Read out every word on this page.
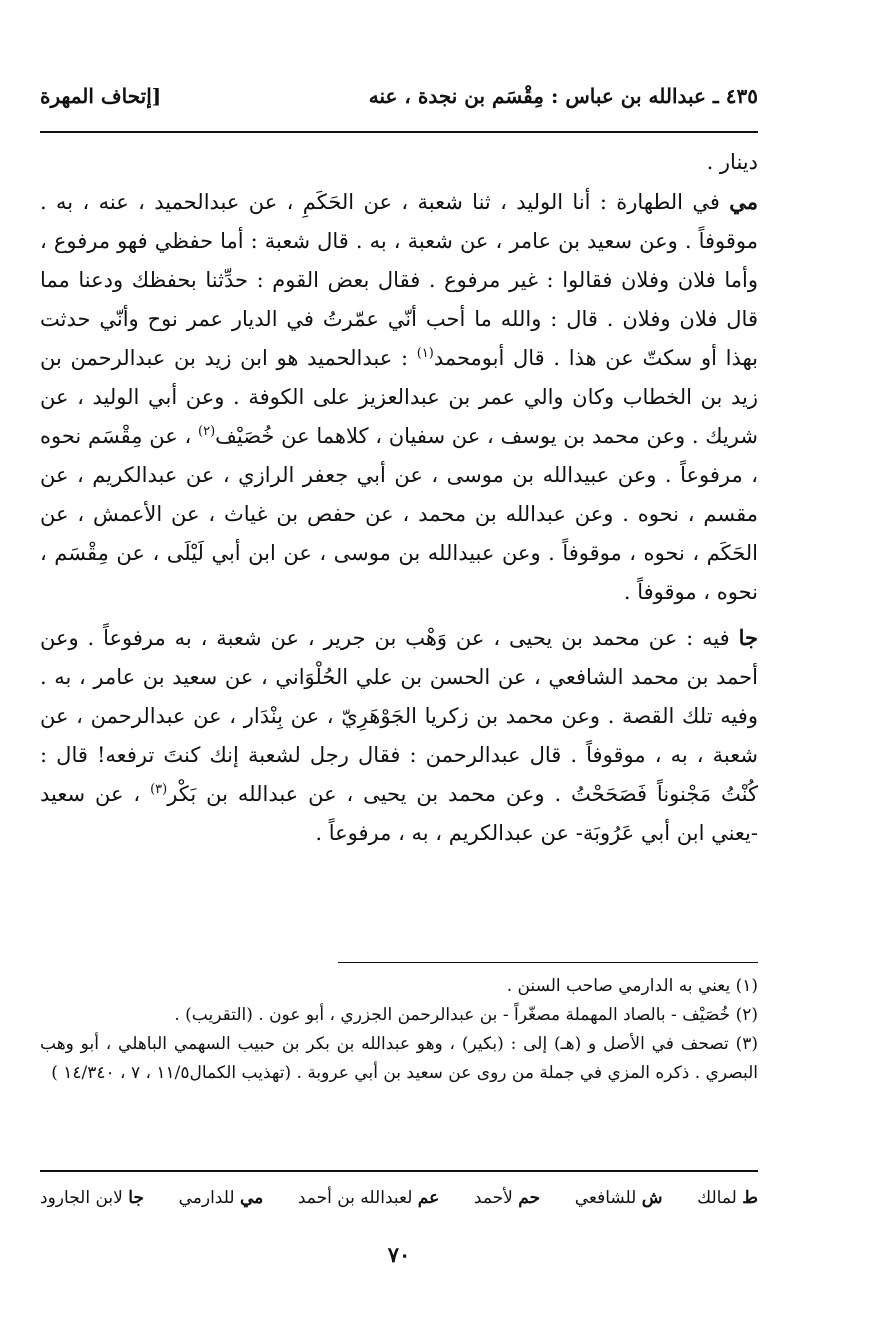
٤٣٥ ـ عبدالله بن عباس : مِقْسَم بن نجدة ، عنه
[إتحاف المهرة

دينار .

مي في الطهارة : أنا الوليد ، ثنا شعبة ، عن الحَكَمِ ، عن عبدالحميد ، عنه ، به . موقوفاً . وعن سعيد بن عامر ، عن شعبة ، به . قال شعبة : أما حفظي فهو مرفوع ، وأما فلان وفلان فقالوا : غير مرفوع . فقال بعض القوم : حدِّثنا بحفظك ودعنا مما قال فلان وفلان . قال : والله ما أحب أنّي عمّرتُ في الديار عمر نوح وأنّي حدثت بهذا أو سكتّ عن هذا . قال أبومحمد$^{(١)}$ : عبدالحميد هو ابن زيد بن عبدالرحمن بن زيد بن الخطاب وكان والي عمر بن عبدالعزيز على الكوفة . وعن أبي الوليد ، عن شريك . وعن محمد بن يوسف ، عن سفيان ، كلاهما عن خُصَيْف$^{(٢)}$ ، عن مِقْسَم نحوه ، مرفوعاً . وعن عبيدالله بن موسى ، عن أبي جعفر الرازي ، عن عبدالكريم ، عن مقسم ، نحوه . وعن عبدالله بن محمد ، عن حفص بن غياث ، عن الأعمش ، عن الحَكَم ، نحوه ، موقوفاً . وعن عبيدالله بن موسى ، عن ابن أبي لَيْلَى ، عن مِقْسَم ، نحوه ، موقوفاً .

جا فيه : عن محمد بن يحيى ، عن وَهْب بن جرير ، عن شعبة ، به مرفوعاً . وعن أحمد بن محمد الشافعي ، عن الحسن بن علي الحُلْوَاني ، عن سعيد بن عامر ، به . وفيه تلك القصة . وعن محمد بن زكريا الجَوْهَرِيّ ، عن بِنْدَار ، عن عبدالرحمن ، عن شعبة ، به ، موقوفاً . قال عبدالرحمن : فقال رجل لشعبة إنك كنتَ ترفعه! قال : كُنْتُ مَجْنوناً فَصَحَحْتُ . وعن محمد بن يحيى ، عن عبدالله بن بَكْر$^{(٣)}$ ، عن سعيد -يعني ابن أبي عَرُوبَة- عن عبدالكريم ، به ، مرفوعاً .

(١) يعني به الدارمي صاحب السنن .

(٢) خُصَيْف - بالصاد المهملة مصغّراً - بن عبدالرحمن الجزري ، أبو عون . (التقريب) .

(٣) تصحف في الأصل و (هـ) إلى : (بكير) ، وهو عبدالله بن بكر بن حبيب السهمي الباهلي ، أبو وهب البصري . ذكره المزي في جملة من روى عن سعيد بن أبي عروبة . (تهذيب الكمال١١/٥ ، ٧ ، ١٤/٣٤٠ )

ط لمالك
ش للشافعي
حم لأحمد
عم لعبدالله بن أحمد
مي للدارمي
جا لابن الجارود
٧٠
